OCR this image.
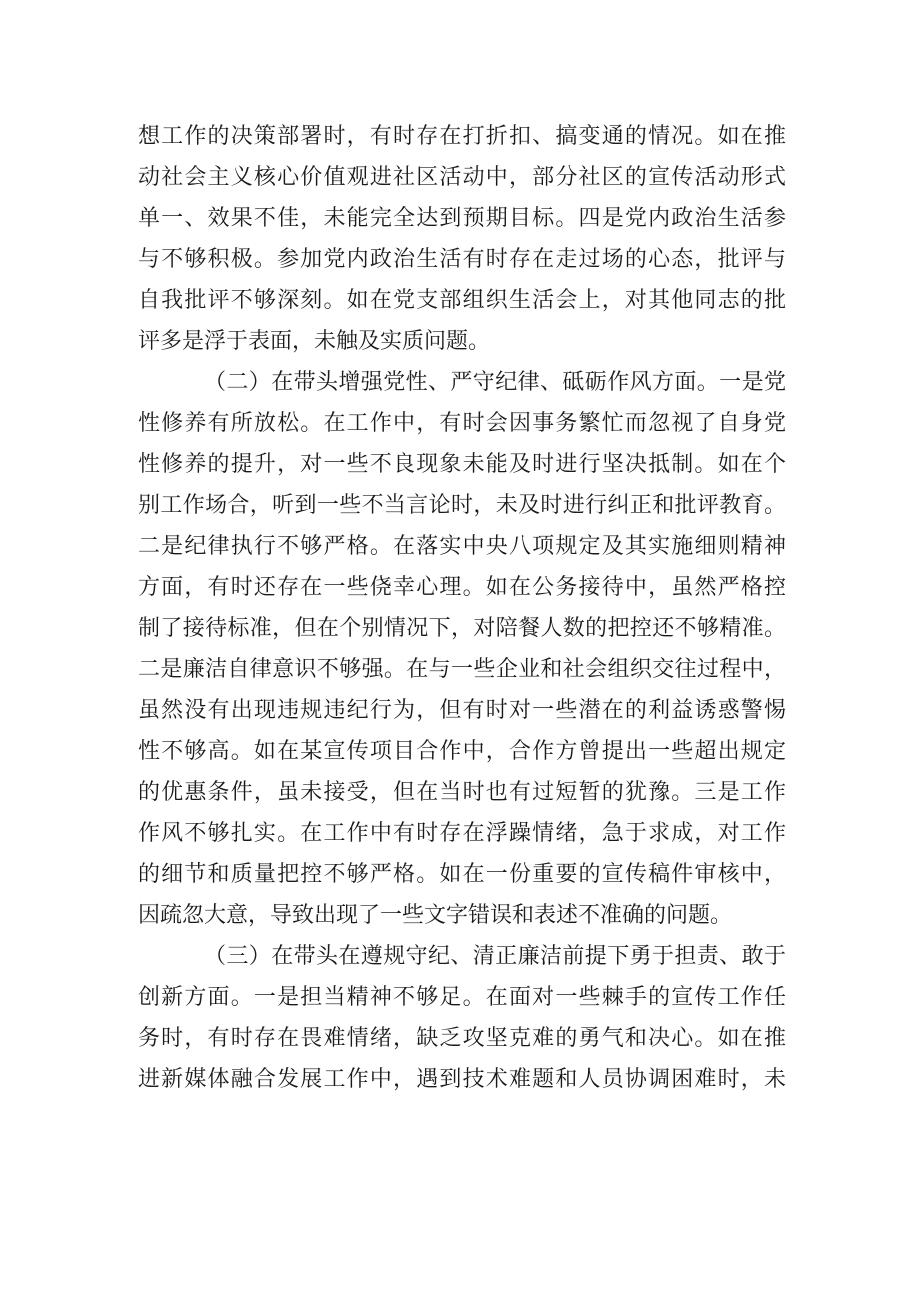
想工作的决策部署时，有时存在打折扣、搞变通的情况。如在推
动社会主义核心价值观进社区活动中，部分社区的宣传活动形式
单一、效果不佳，未能完全达到预期目标。四是党内政治生活参
与不够积极。参加党内政治生活有时存在走过场的心态，批评与
自我批评不够深刻。如在党支部组织生活会上，对其他同志的批
评多是浮于表面，未触及实质问题。
（二）在带头增强党性、严守纪律、砥砺作风方面。一是党
性修养有所放松。在工作中，有时会因事务繁忙而忽视了自身党
性修养的提升，对一些不良现象未能及时进行坚决抵制。如在个
别工作场合，听到一些不当言论时，未及时进行纠正和批评教育。
二是纪律执行不够严格。在落实中央八项规定及其实施细则精神
方面，有时还存在一些侥幸心理。如在公务接待中，虽然严格控
制了接待标准，但在个别情况下，对陪餐人数的把控还不够精准。
二是廉洁自律意识不够强。在与一些企业和社会组织交往过程中，
虽然没有出现违规违纪行为，但有时对一些潜在的利益诱惑警惕
性不够高。如在某宣传项目合作中，合作方曾提出一些超出规定
的优惠条件，虽未接受，但在当时也有过短暂的犹豫。三是工作
作风不够扎实。在工作中有时存在浮躁情绪，急于求成，对工作
的细节和质量把控不够严格。如在一份重要的宣传稿件审核中，
因疏忽大意，导致出现了一些文字错误和表述不准确的问题。
（三）在带头在遵规守纪、清正廉洁前提下勇于担责、敢于
创新方面。一是担当精神不够足。在面对一些棘手的宣传工作任
务时，有时存在畏难情绪，缺乏攻坚克难的勇气和决心。如在推
进新媒体融合发展工作中，遇到技术难题和人员协调困难时，未
